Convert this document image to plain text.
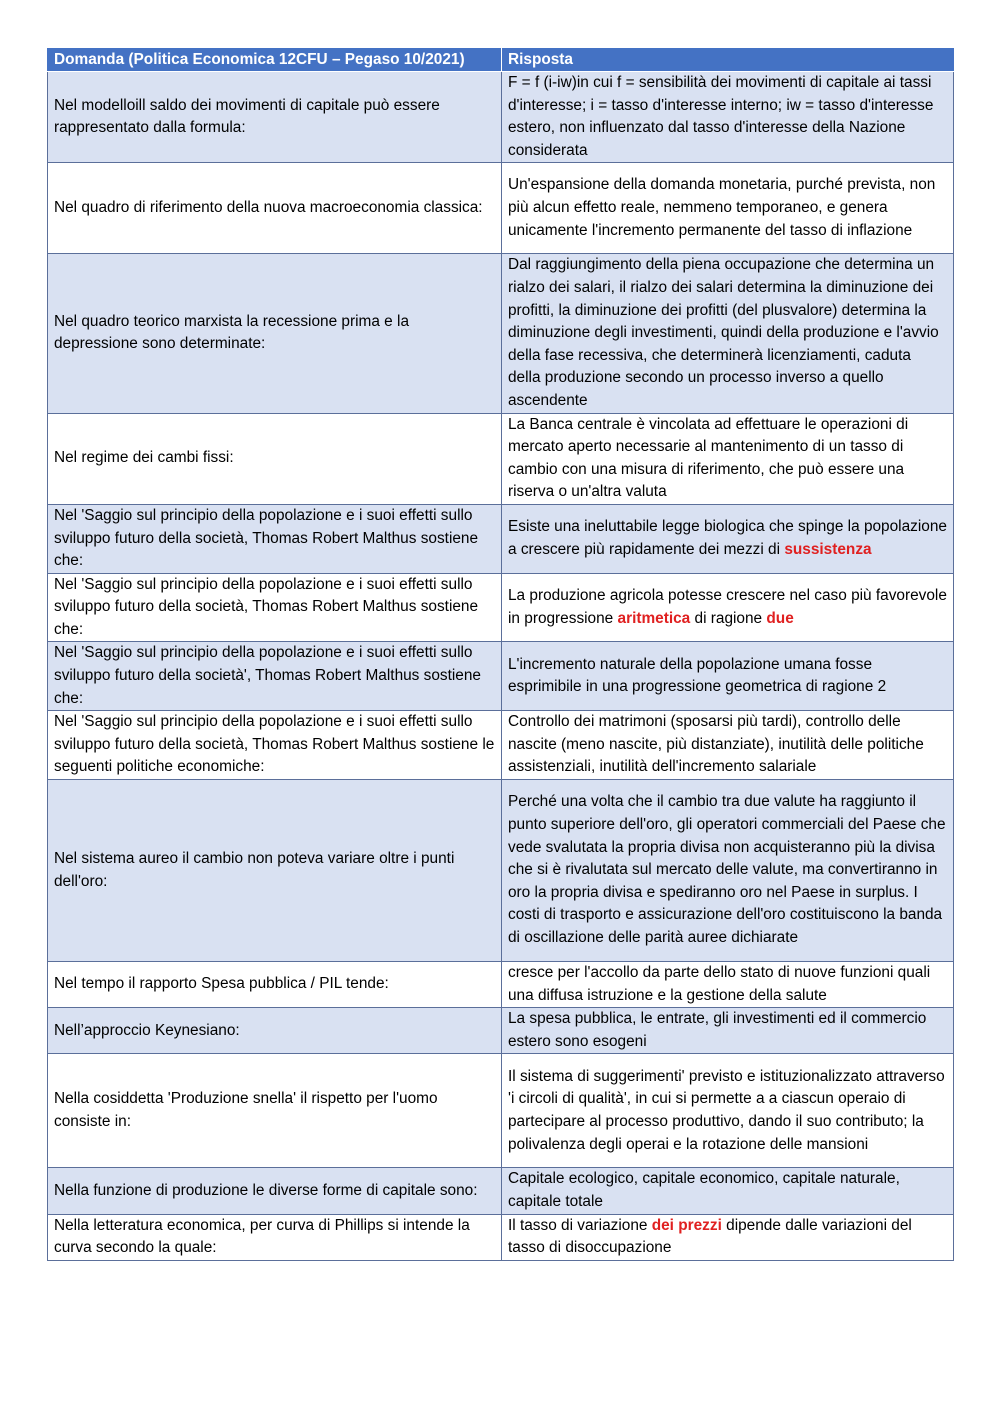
Domanda (Politica Economica 12CFU – Pegaso 10/2021)	Risposta
Nel modelloill saldo dei movimenti di capitale può essere rappresentato dalla formula:	F = f (i-iw)in cui f = sensibilità dei movimenti di capitale ai tassi d'interesse; i = tasso d'interesse interno; iw = tasso d'interesse estero, non influenzato dal tasso d'interesse della Nazione considerata
Nel quadro di riferimento della nuova macroeconomia classica:	Un'espansione della domanda monetaria, purché prevista, non più alcun effetto reale, nemmeno temporaneo, e genera unicamente l'incremento permanente del tasso di inflazione
Nel quadro teorico marxista la recessione prima e la depressione sono determinate:	Dal raggiungimento della piena occupazione che determina un rialzo dei salari, il rialzo dei salari determina la diminuzione dei profitti, la diminuzione dei profitti (del plusvalore) determina la diminuzione degli investimenti, quindi della produzione e l'avvio della fase recessiva, che determinerà licenziamenti, caduta della produzione secondo un processo inverso a quello ascendente
Nel regime dei cambi fissi:	La Banca centrale è vincolata ad effettuare le operazioni di mercato aperto necessarie al mantenimento di un tasso di cambio con una misura di riferimento, che può essere una riserva o un'altra valuta
Nel 'Saggio sul principio della popolazione e i suoi effetti sullo sviluppo futuro della società, Thomas Robert Malthus sostiene che:	Esiste una ineluttabile legge biologica che spinge la popolazione a crescere più rapidamente dei mezzi di sussistenza
Nel 'Saggio sul principio della popolazione e i suoi effetti sullo sviluppo futuro della società, Thomas Robert Malthus sostiene che:	La produzione agricola potesse crescere nel caso più favorevole in progressione aritmetica di ragione due
Nel 'Saggio sul principio della popolazione e i suoi effetti sullo sviluppo futuro della società', Thomas Robert Malthus sostiene che:	L'incremento naturale della popolazione umana fosse esprimibile in una progressione geometrica di ragione 2
Nel 'Saggio sul principio della popolazione e i suoi effetti sullo sviluppo futuro della società, Thomas Robert Malthus sostiene le seguenti politiche economiche:	Controllo dei matrimoni (sposarsi più tardi), controllo delle nascite (meno nascite, più distanziate), inutilità delle politiche assistenziali, inutilità dell'incremento salariale
Nel sistema aureo il cambio non poteva variare oltre i punti dell'oro:	Perché una volta che il cambio tra due valute ha raggiunto il punto superiore dell'oro, gli operatori commerciali del Paese che vede svalutata la propria divisa non acquisteranno più la divisa che si è rivalutata sul mercato delle valute, ma convertiranno in oro la propria divisa e spediranno oro nel Paese in surplus. I costi di trasporto e assicurazione dell'oro costituiscono la banda di oscillazione delle parità auree dichiarate
Nel tempo il rapporto Spesa pubblica / PIL tende:	cresce per l'accollo da parte dello stato di nuove funzioni quali una diffusa istruzione e la gestione della salute
Nell’approccio Keynesiano:	La spesa pubblica, le entrate, gli investimenti ed il commercio estero sono esogeni
Nella cosiddetta 'Produzione snella' il rispetto per l'uomo consiste in:	Il sistema di suggerimenti' previsto e istituzionalizzato attraverso 'i circoli di qualità', in cui si permette a a ciascun operaio di partecipare al processo produttivo, dando il suo contributo; la polivalenza degli operai e la rotazione delle mansioni
Nella funzione di produzione le diverse forme di capitale sono:	Capitale ecologico, capitale economico, capitale naturale, capitale totale
Nella letteratura economica, per curva di Phillips si intende la curva secondo la quale:	Il tasso di variazione dei prezzi dipende dalle variazioni del tasso di disoccupazione
